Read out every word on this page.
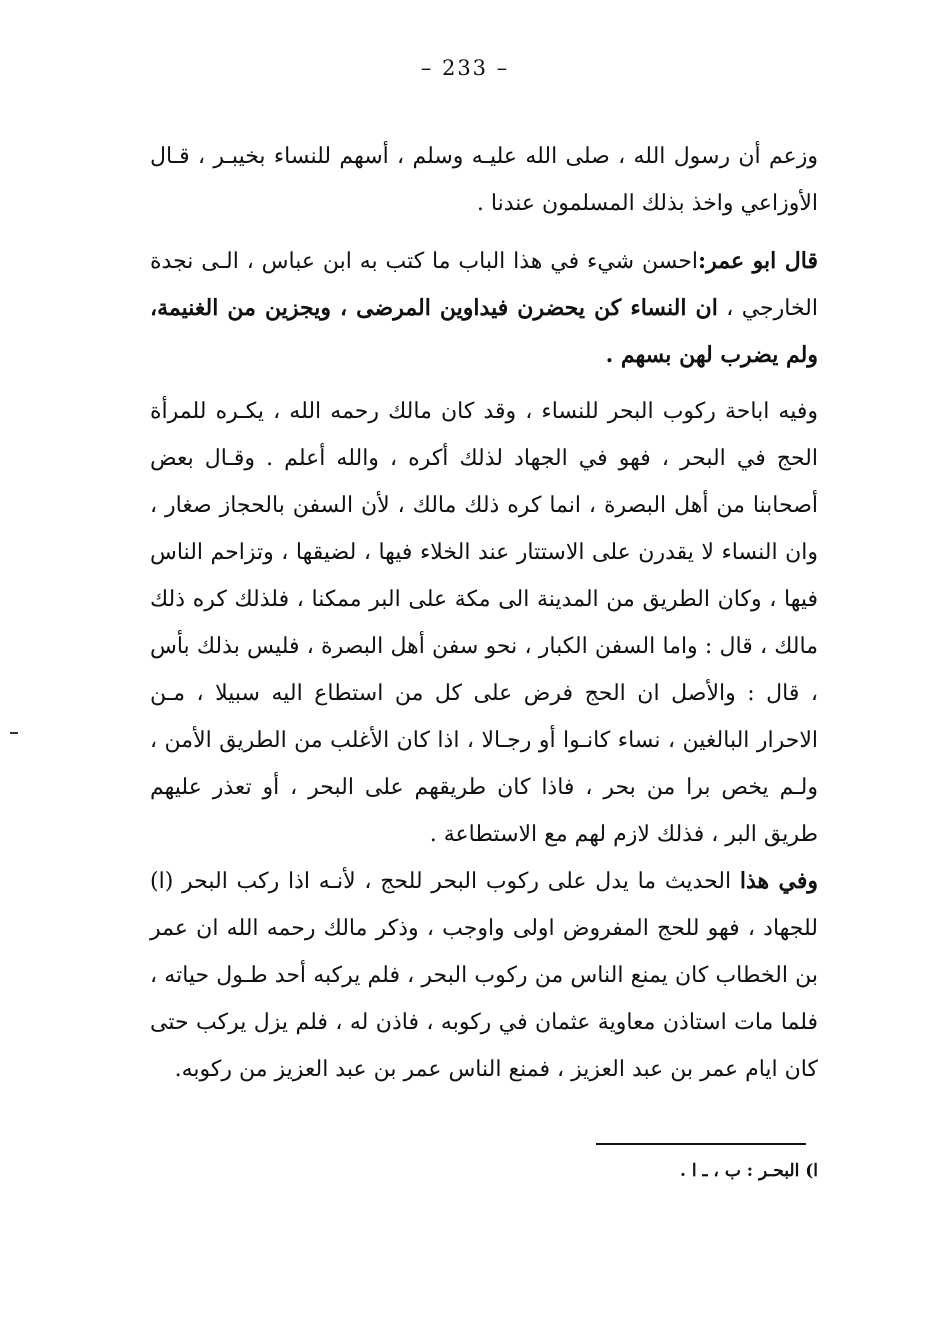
– 233 –
وزعم أن رسول الله ، صلى الله عليـه وسلم ، أسهم للنساء بخيبـر ، قـال الأوزاعي واخذ بذلك المسلمون عندنا .
قال ابو عمر:احسن شيء في هذا الباب ما كتب به ابن عباس ، الـى نجدة الخارجي ، ان النساء كن يحضرن فيداوين المرضى ، ويجزين من الغنيمة، ولم يضرب لهن بسهم .
وفيه اباحة ركوب البحر للنساء ، وقد كان مالك رحمه الله ، يكـره للمرأة الحج في البحر ، فهو في الجهاد لذلك أكره ، والله أعلم . وقـال بعض أصحابنا من أهل البصرة ، انما كره ذلك مالك ، لأن السفن بالحجاز صغار ، وان النساء لا يقدرن على الاستتار عند الخلاء فيها ، لضيقها ، وتزاحم الناس فيها ، وكان الطريق من المدينة الى مكة على البر ممكنا ، فلذلك كره ذلك مالك ، قال : واما السفن الكبار ، نحو سفن أهل البصرة ، فليس بذلك بأس ، قال : والأصل ان الحج فرض على كل من استطاع اليه سبيلا ، مـن الاحرار البالغين ، نساء كانـوا أو رجـالا ، اذا كان الأغلب من الطريق الأمن ، ولـم يخص برا من بحر ، فاذا كان طريقهم على البحر ، أو تعذر عليهم طريق البر ، فذلك لازم لهم مع الاستطاعة .
وفي هذا الحديث ما يدل على ركوب البحر للحج ، لأنـه اذا ركب البحر (ا) للجهاد ، فهو للحج المفروض اولى واوجب ، وذكر مالك رحمه الله ان عمر بن الخطاب كان يمنع الناس من ركوب البحر ، فلم يركبه أحد طـول حياته ، فلما مات استاذن معاوية عثمان في ركوبه ، فاذن له ، فلم يزل يركب حتى كان ايام عمر بن عبد العزيز ، فمنع الناس عمر بن عبد العزيز من ركوبه.
ا) البحـر : ب ، ـ ا .
